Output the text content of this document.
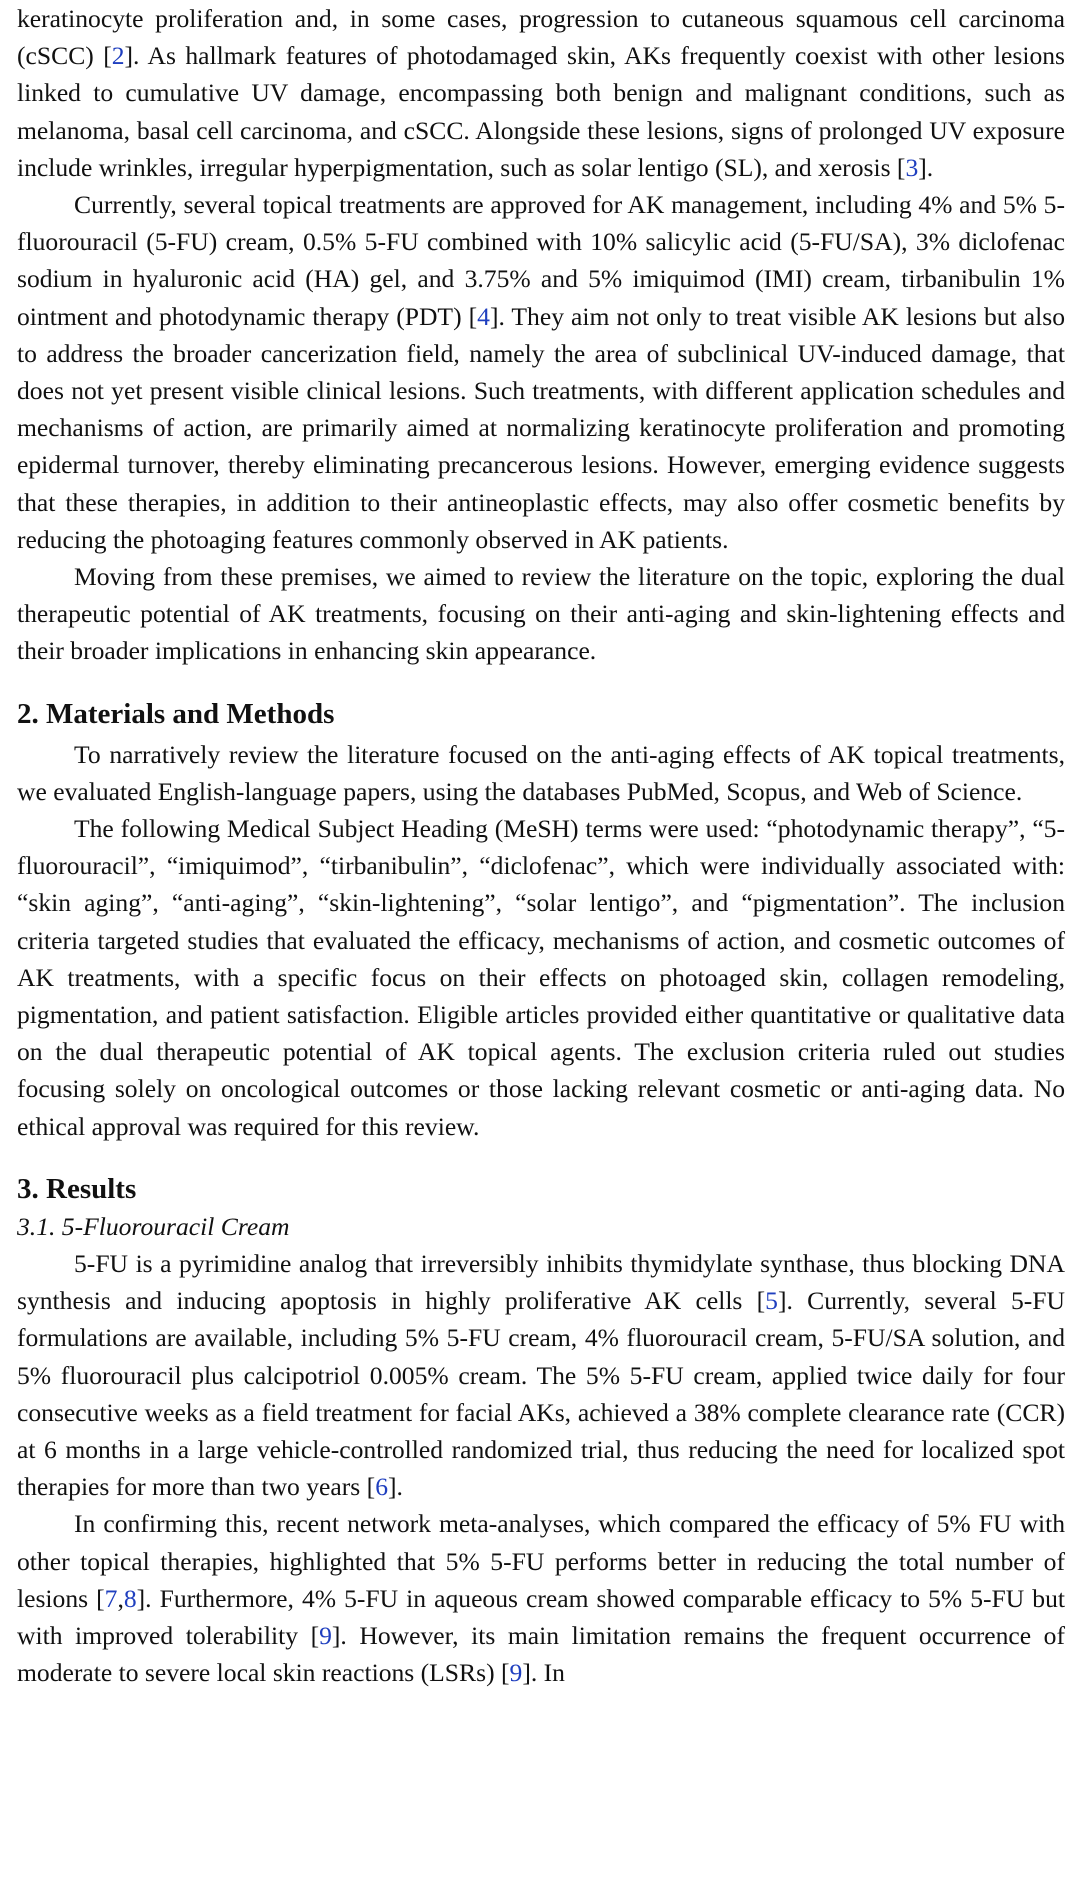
keratinocyte proliferation and, in some cases, progression to cutaneous squamous cell carcinoma (cSCC) [2]. As hallmark features of photodamaged skin, AKs frequently coexist with other lesions linked to cumulative UV damage, encompassing both benign and malignant conditions, such as melanoma, basal cell carcinoma, and cSCC. Alongside these lesions, signs of prolonged UV exposure include wrinkles, irregular hyperpigmentation, such as solar lentigo (SL), and xerosis [3].

Currently, several topical treatments are approved for AK management, including 4% and 5% 5-fluorouracil (5-FU) cream, 0.5% 5-FU combined with 10% salicylic acid (5-FU/SA), 3% diclofenac sodium in hyaluronic acid (HA) gel, and 3.75% and 5% imiquimod (IMI) cream, tirbanibulin 1% ointment and photodynamic therapy (PDT) [4]. They aim not only to treat visible AK lesions but also to address the broader cancerization field, namely the area of subclinical UV-induced damage, that does not yet present visible clinical lesions. Such treatments, with different application schedules and mechanisms of action, are primarily aimed at normalizing keratinocyte proliferation and promoting epidermal turnover, thereby eliminating precancerous lesions. However, emerging evidence suggests that these therapies, in addition to their antineoplastic effects, may also offer cosmetic benefits by reducing the photoaging features commonly observed in AK patients.

Moving from these premises, we aimed to review the literature on the topic, exploring the dual therapeutic potential of AK treatments, focusing on their anti-aging and skin-lightening effects and their broader implications in enhancing skin appearance.

2. Materials and Methods

To narratively review the literature focused on the anti-aging effects of AK topical treatments, we evaluated English-language papers, using the databases PubMed, Scopus, and Web of Science.

The following Medical Subject Heading (MeSH) terms were used: “photodynamic therapy”, “5-fluorouracil”, “imiquimod”, “tirbanibulin”, “diclofenac”, which were individually associated with: “skin aging”, “anti-aging”, “skin-lightening”, “solar lentigo”, and “pigmentation”. The inclusion criteria targeted studies that evaluated the efficacy, mechanisms of action, and cosmetic outcomes of AK treatments, with a specific focus on their effects on photoaged skin, collagen remodeling, pigmentation, and patient satisfaction. Eligible articles provided either quantitative or qualitative data on the dual therapeutic potential of AK topical agents. The exclusion criteria ruled out studies focusing solely on oncological outcomes or those lacking relevant cosmetic or anti-aging data. No ethical approval was required for this review.

3. Results
3.1. 5-Fluorouracil Cream

5-FU is a pyrimidine analog that irreversibly inhibits thymidylate synthase, thus blocking DNA synthesis and inducing apoptosis in highly proliferative AK cells [5]. Currently, several 5-FU formulations are available, including 5% 5-FU cream, 4% fluorouracil cream, 5-FU/SA solution, and 5% fluorouracil plus calcipotriol 0.005% cream. The 5% 5-FU cream, applied twice daily for four consecutive weeks as a field treatment for facial AKs, achieved a 38% complete clearance rate (CCR) at 6 months in a large vehicle-controlled randomized trial, thus reducing the need for localized spot therapies for more than two years [6].

In confirming this, recent network meta-analyses, which compared the efficacy of 5% FU with other topical therapies, highlighted that 5% 5-FU performs better in reducing the total number of lesions [7,8]. Furthermore, 4% 5-FU in aqueous cream showed comparable efficacy to 5% 5-FU but with improved tolerability [9]. However, its main limitation remains the frequent occurrence of moderate to severe local skin reactions (LSRs) [9]. In
